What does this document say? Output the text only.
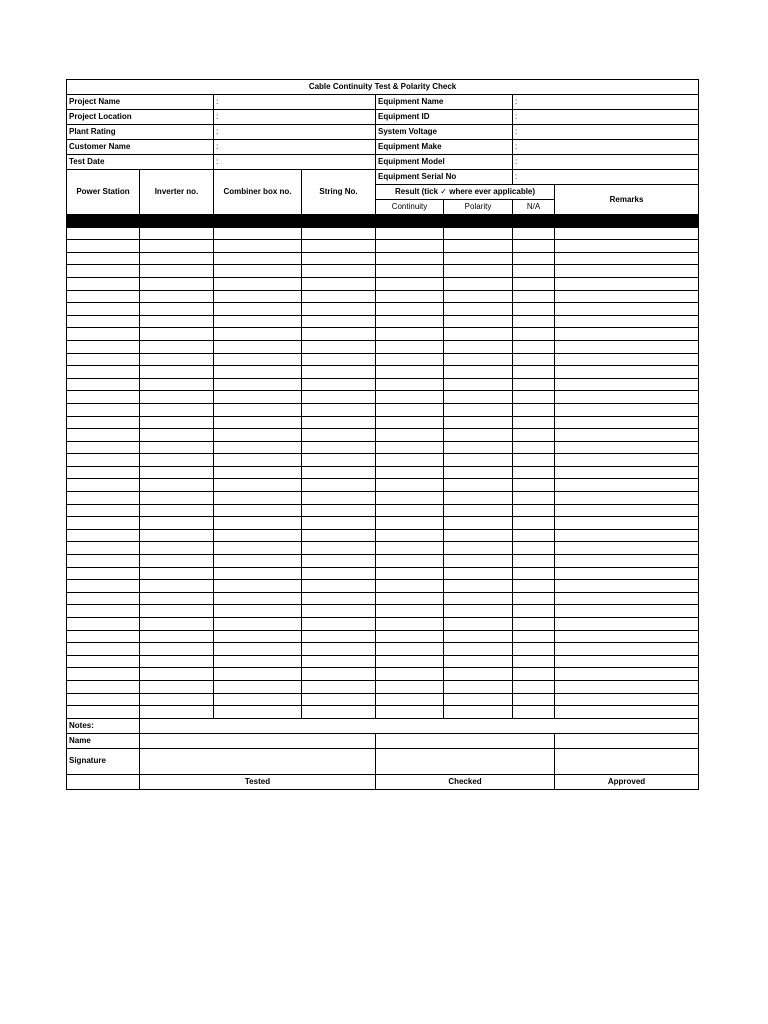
Cable Continuity Test & Polarity Check							
Project Name		:		Equipment Name		:	
Project Location		:		Equipment ID		:	
Plant Rating		:		System Voltage		:	
Customer Name		:		Equipment Make		:	
Test Date		:		Equipment Model		:	
Power Station	Inverter no.	Combiner box no.	String No.	Equipment Serial No		:	
				Result (tick ✓ where ever applicable)			Remarks
				Continuity	Polarity	N/A	

Notes:							
Name							
Signature							
	Tested			Checked			Approved
